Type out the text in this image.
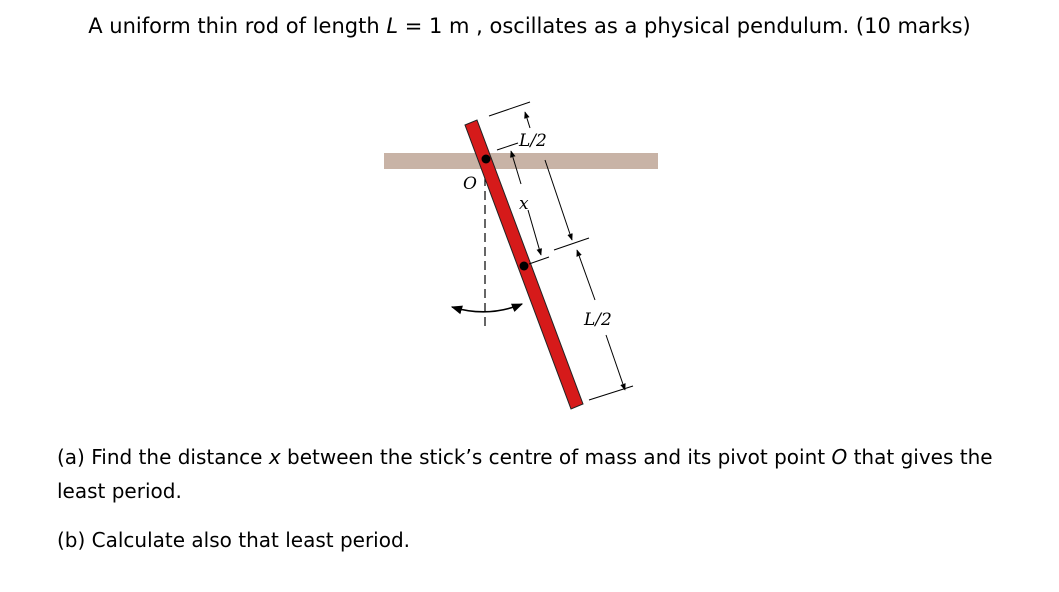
A uniform thin rod of length L = 1 m , oscillates as a physical pendulum. (10 marks)
L/2
x
L/2
O
(a) Find the distance x between the stick’s centre of mass and its pivot point O that gives the least period.
(b) Calculate also that least period.
